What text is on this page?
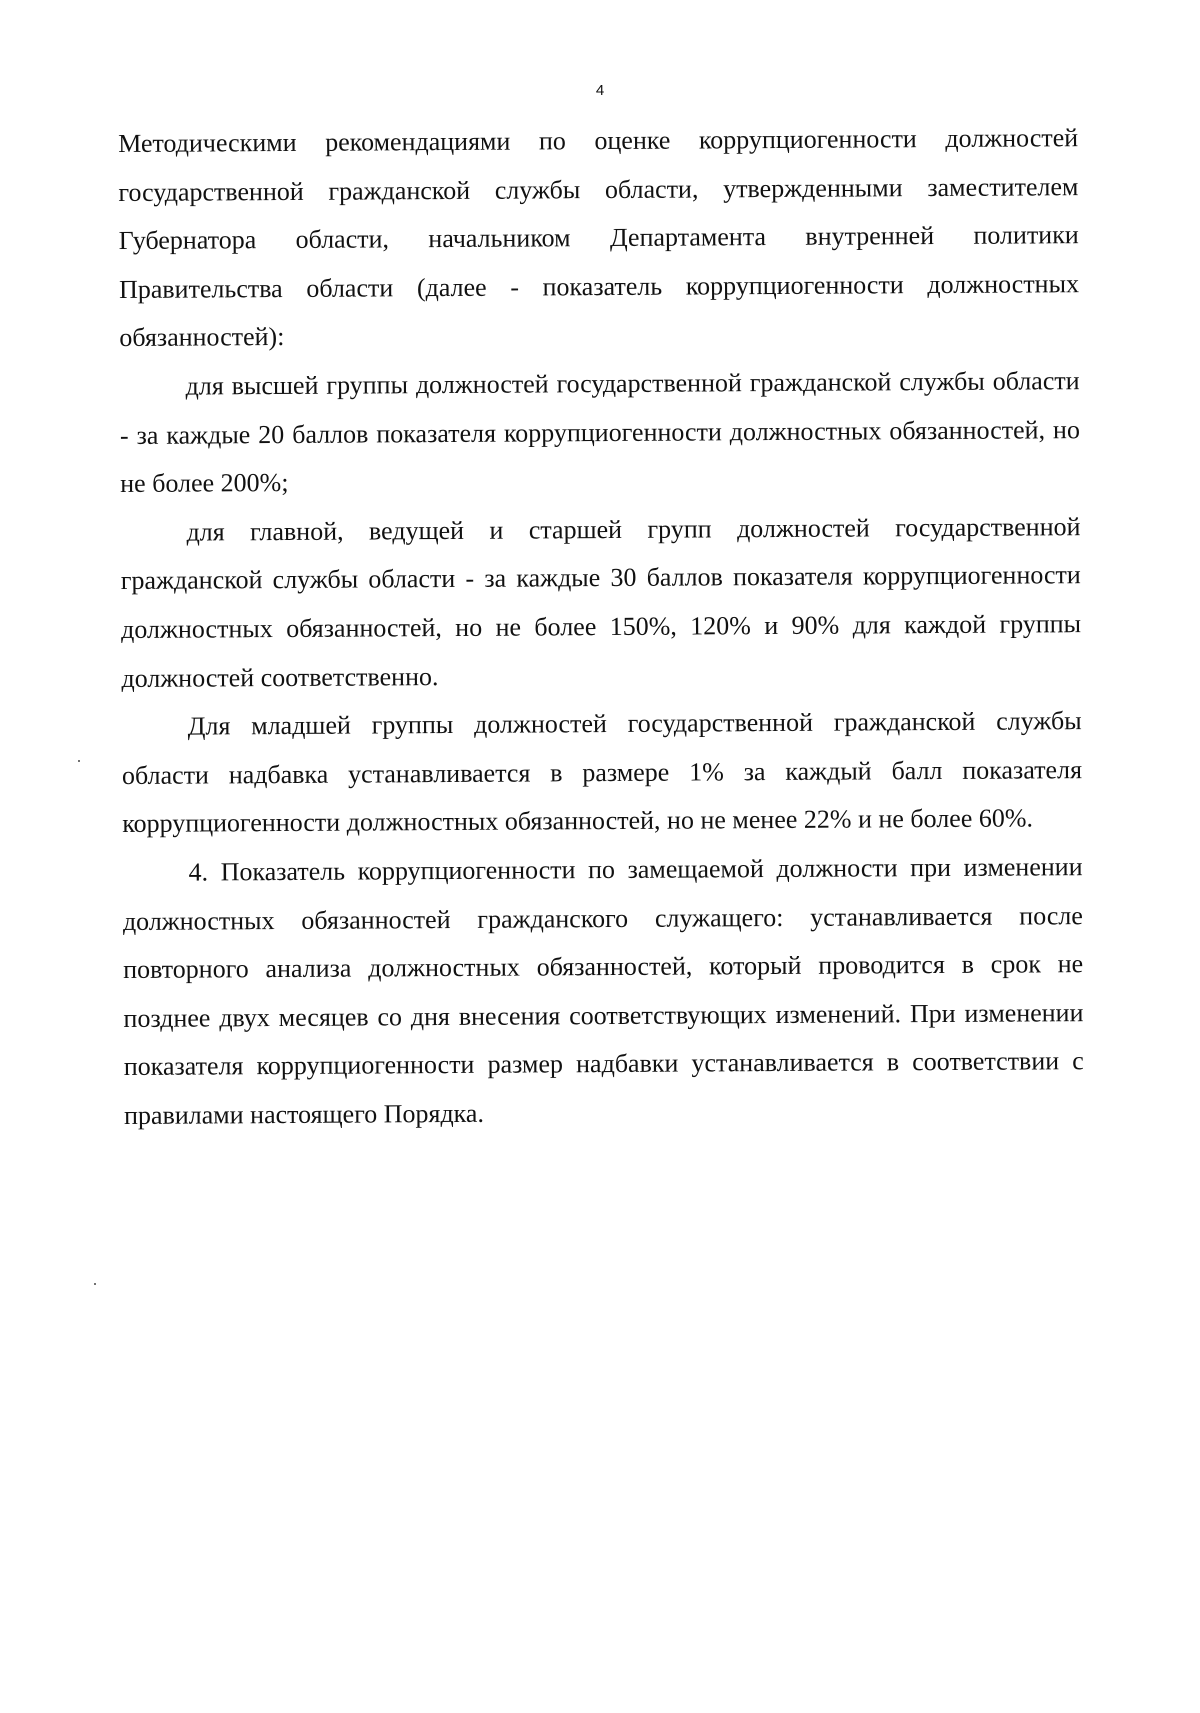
4

Методическими рекомендациями по оценке коррупциогенности должностей государственной гражданской службы области, утвержденными заместителем Губернатора области, начальником Департамента внутренней политики Правительства области (далее - показатель коррупциогенности должностных обязанностей):

для высшей группы должностей государственной гражданской службы области - за каждые 20 баллов показателя коррупциогенности должностных обязанностей, но не более 200%;

для главной, ведущей и старшей групп должностей государственной гражданской службы области - за каждые 30 баллов показателя коррупциогенности должностных обязанностей, но не более 150%, 120% и 90% для каждой группы должностей соответственно.

Для младшей группы должностей государственной гражданской службы области надбавка устанавливается в размере 1% за каждый балл показателя коррупциогенности должностных обязанностей, но не менее 22% и не более 60%.

4. Показатель коррупциогенности по замещаемой должности при изменении должностных обязанностей гражданского служащего: устанавливается после повторного анализа должностных обязанностей, который проводится в срок не позднее двух месяцев со дня внесения соответствующих изменений. При изменении показателя коррупциогенности размер надбавки устанавливается в соответствии с правилами настоящего Порядка.
